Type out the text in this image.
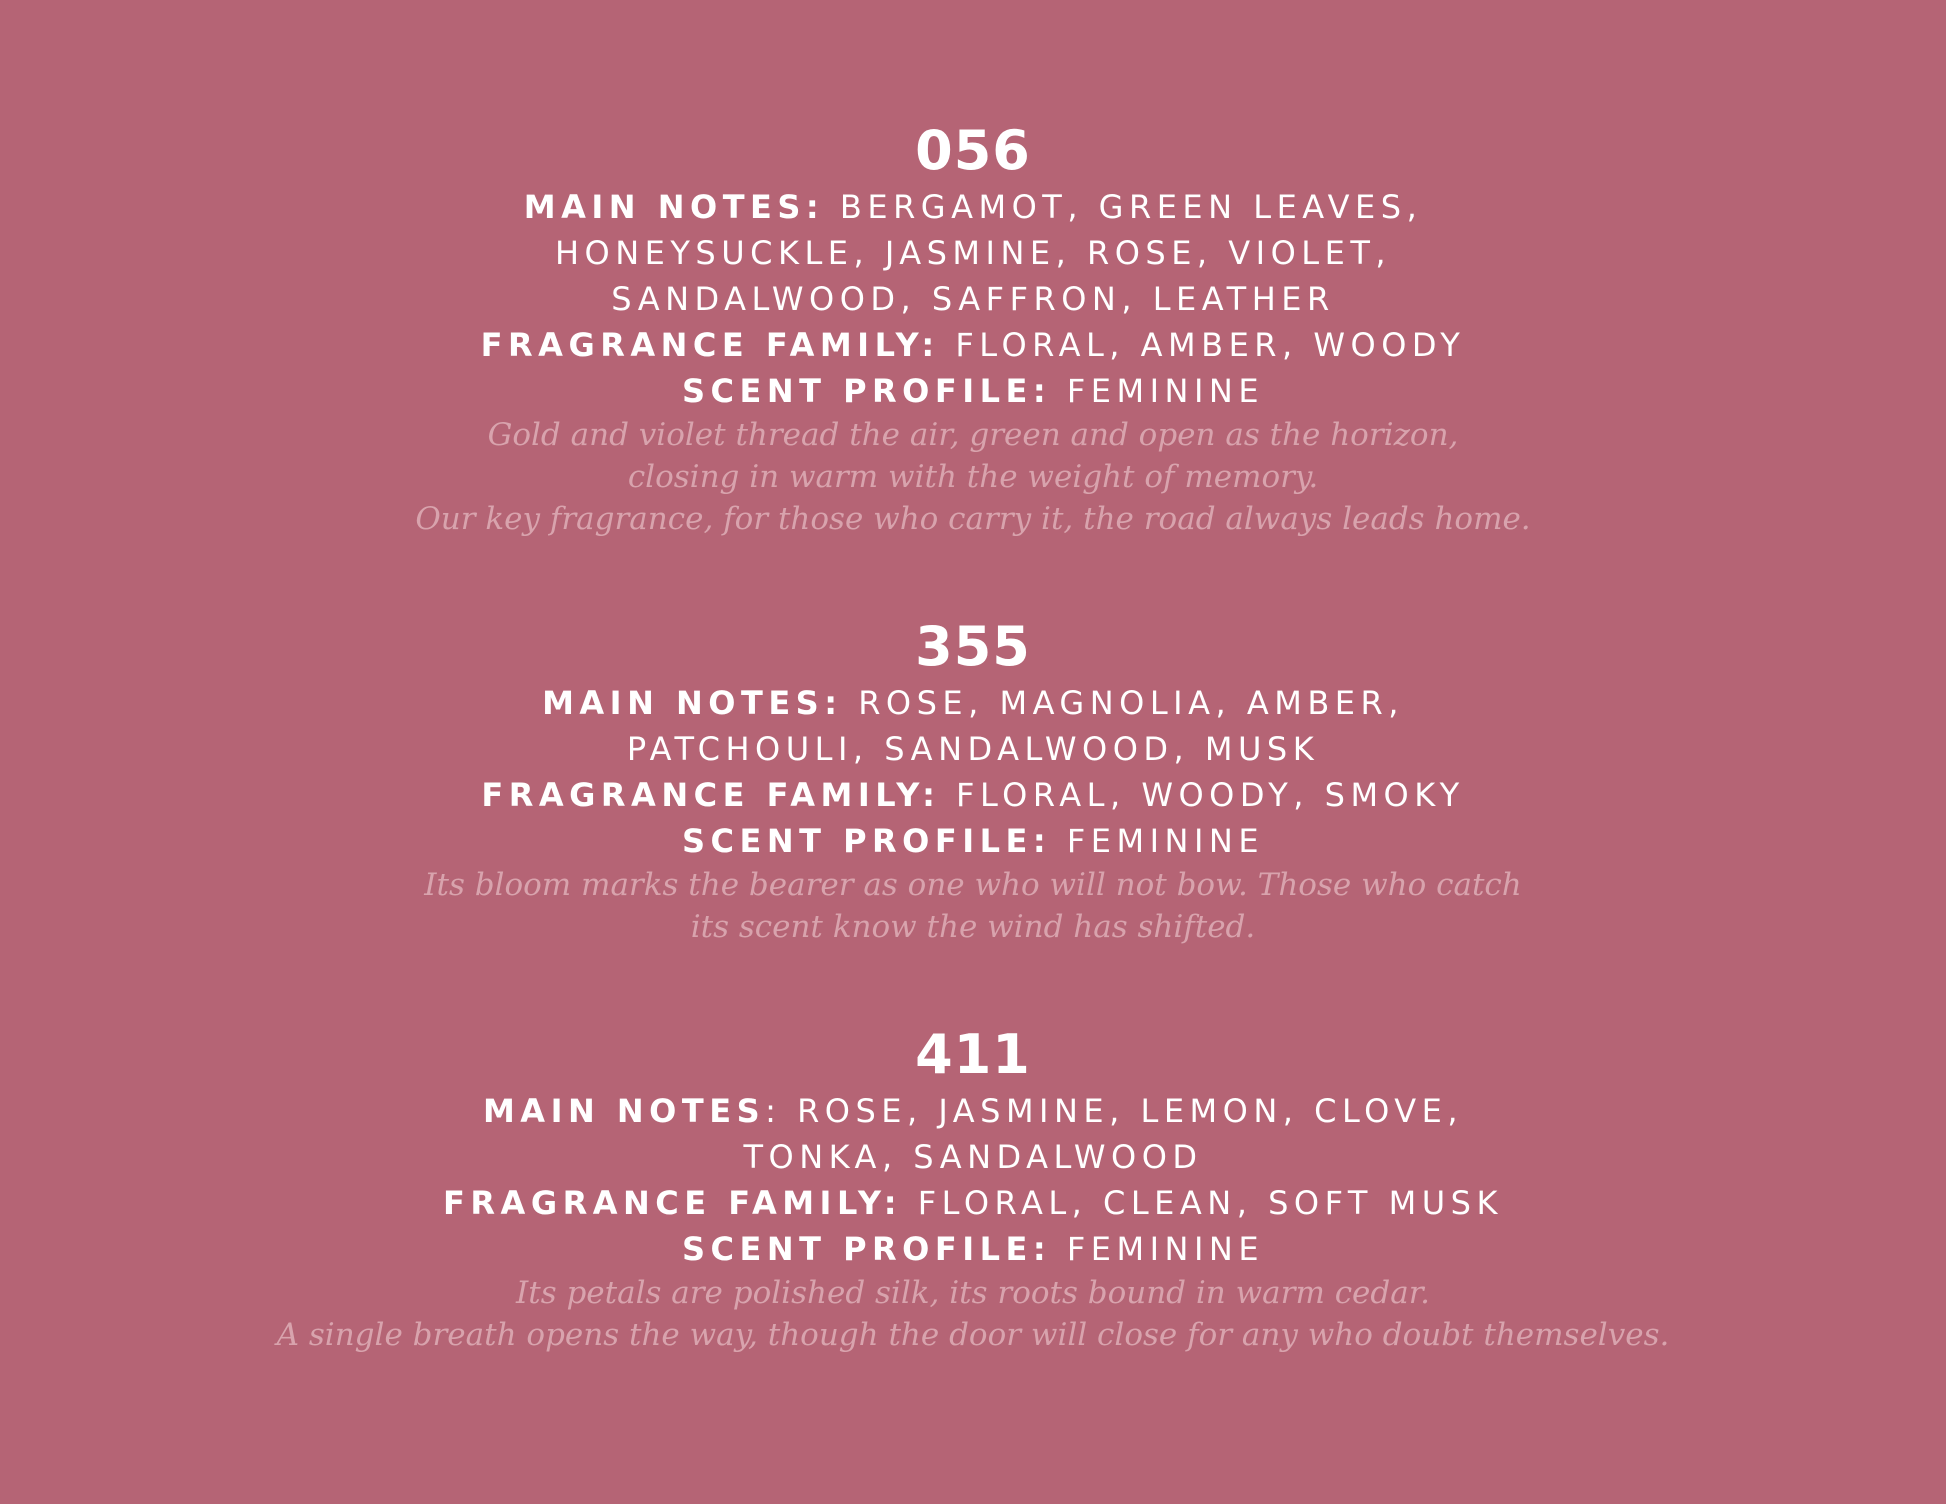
056

MAIN NOTES: BERGAMOT, GREEN LEAVES,

HONEYSUCKLE, JASMINE, ROSE, VIOLET,

SANDALWOOD, SAFFRON, LEATHER

FRAGRANCE FAMILY: FLORAL, AMBER, WOODY

SCENT PROFILE: FEMININE

Gold and violet thread the air, green and open as the horizon,

closing in warm with the weight of memory.

Our key fragrance, for those who carry it, the road always leads home.

355

MAIN NOTES: ROSE, MAGNOLIA, AMBER,

PATCHOULI, SANDALWOOD, MUSK

FRAGRANCE FAMILY: FLORAL, WOODY, SMOKY

SCENT PROFILE: FEMININE

Its bloom marks the bearer as one who will not bow. Those who catch

its scent know the wind has shifted.

411

MAIN NOTES: ROSE, JASMINE, LEMON, CLOVE,

TONKA, SANDALWOOD

FRAGRANCE FAMILY: FLORAL, CLEAN, SOFT MUSK

SCENT PROFILE: FEMININE

Its petals are polished silk, its roots bound in warm cedar.

A single breath opens the way, though the door will close for any who doubt themselves.
